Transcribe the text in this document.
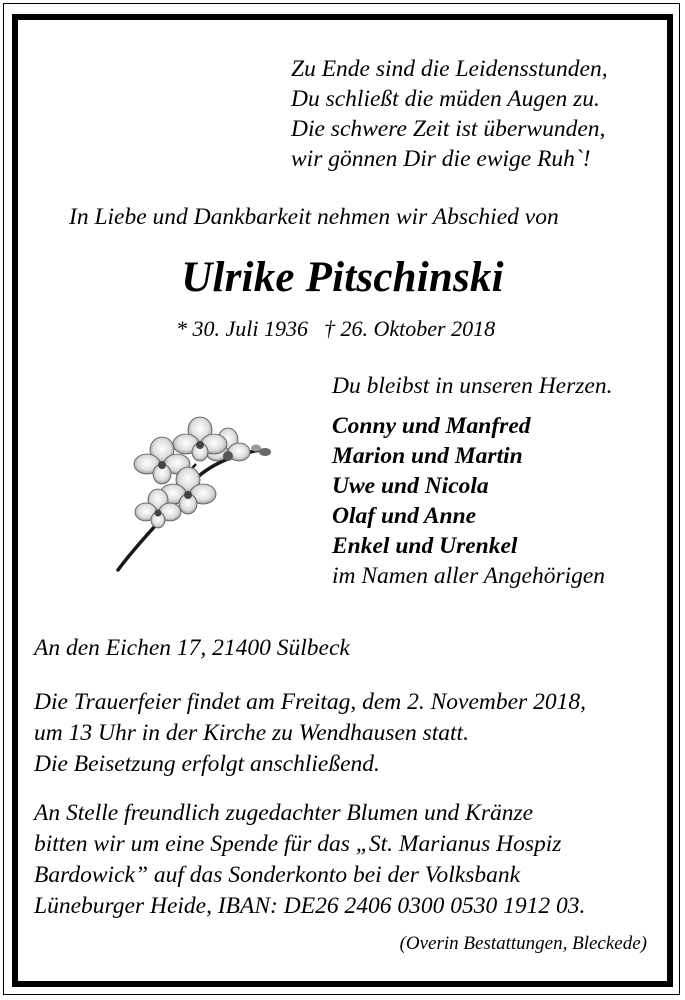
Zu Ende sind die Leidensstunden,
Du schließt die müden Augen zu.
Die schwere Zeit ist überwunden,
wir gönnen Dir die ewige Ruh`!
In Liebe und Dankbarkeit nehmen wir Abschied von
Ulrike Pitschinski
* 30. Juli 1936 † 26. Oktober 2018
Du bleibst in unseren Herzen.
Conny und Manfred
Marion und Martin
Uwe und Nicola
Olaf und Anne
Enkel und Urenkel
im Namen aller Angehörigen
An den Eichen 17, 21400 Sülbeck
Die Trauerfeier findet am Freitag, dem 2. November 2018,
um 13 Uhr in der Kirche zu Wendhausen statt.
Die Beisetzung erfolgt anschließend.
An Stelle freundlich zugedachter Blumen und Kränze
bitten wir um eine Spende für das „St. Marianus Hospiz
Bardowick” auf das Sonderkonto bei der Volksbank
Lüneburger Heide, IBAN: DE26 2406 0300 0530 1912 03.
(Overin Bestattungen, Bleckede)
